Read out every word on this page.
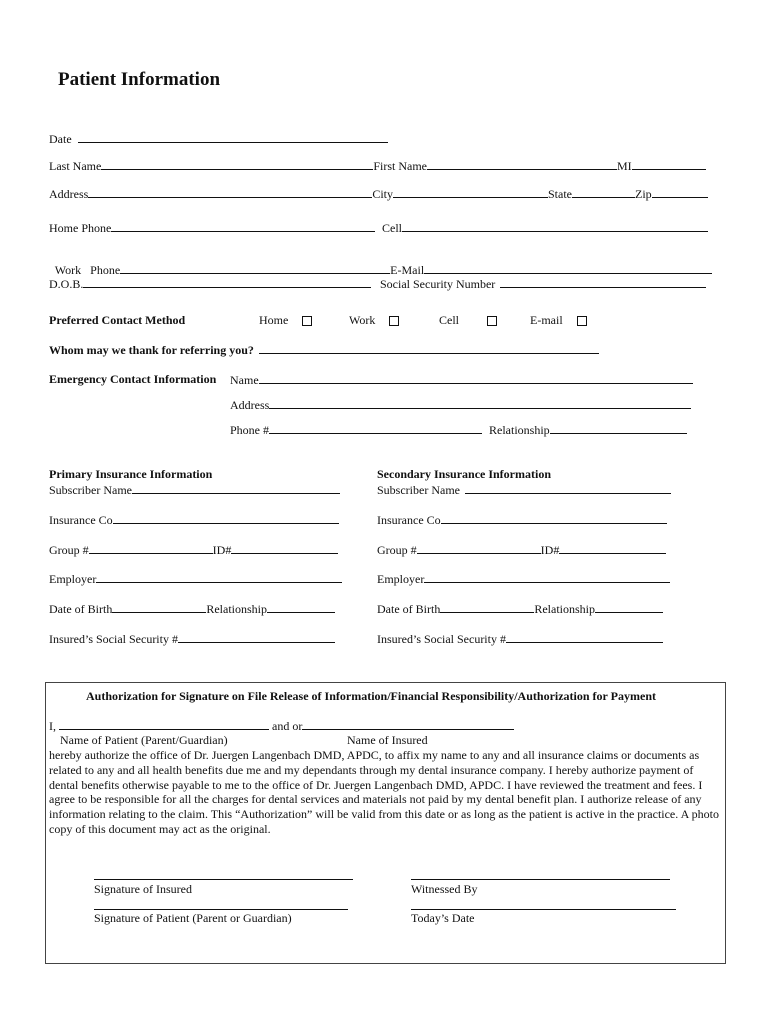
Patient Information
Date
Last Name	First Name	MI
Address	City	State	Zip
Home Phone	Cell

Work   Phone	E-Mail

D.O.B.	Social Security Number
Preferred Contact Method	Home	Work	Cell	E-mail
Whom may we thank for referring you?
Emergency Contact Information Name
Address
Phone #	Relationship
Primary Insurance Information
Subscriber Name
Insurance Co
Group #	ID#
Employer
Date of Birth	Relationship
Insured’s Social Security #
Secondary Insurance Information
Subscriber Name
Insurance Co
Group #	ID#
Employer
Date of Birth	Relationship
Insured’s Social Security #
Authorization for Signature on File Release of Information/Financial Responsibility/Authorization for Payment
I,	and or
Name of Patient (Parent/Guardian)	Name of Insured
hereby authorize the office of Dr. Juergen Langenbach DMD, APDC, to affix my name to any and all insurance claims or documents as related to any and all health benefits due me and my dependants through my dental insurance company. I hereby authorize payment of dental benefits otherwise payable to me to the office of Dr. Juergen Langenbach DMD, APDC. I have reviewed the treatment and fees. I agree to be responsible for all the charges for dental services and materials not paid by my dental benefit plan. I authorize release of any information relating to the claim. This “Authorization” will be valid from this date or as long as the patient is active in the practice. A photo copy of this document may act as the original.
Signature of Insured	Witnessed By
Signature of Patient (Parent or Guardian)	Today’s Date
